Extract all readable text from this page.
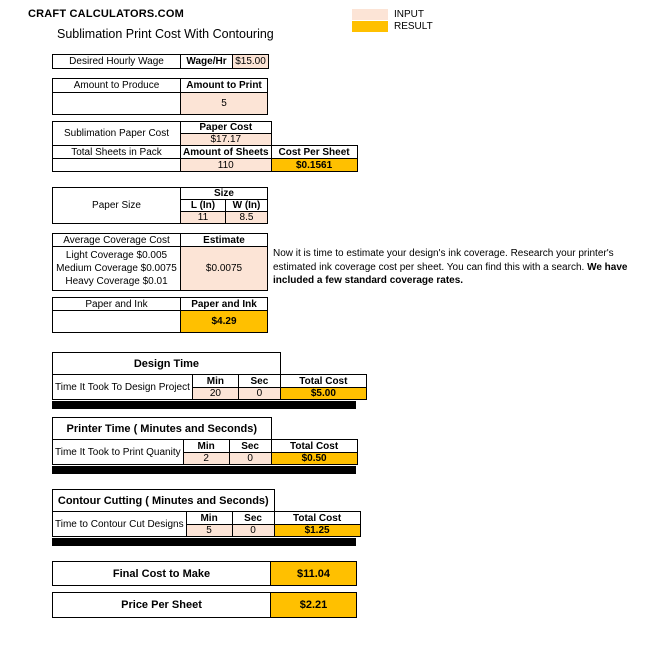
CRAFT CALCULATORS.COM	INPUT
RESULT
Sublimation Print Cost With Contouring
Desired Hourly Wage	Wage/Hr	$15.00
Amount to Produce	Amount to Print
	5
Sublimation Paper Cost	Paper Cost	
	$17.17	
Total Sheets in Pack	Amount of Sheets	Cost Per Sheet
	110	$0.1561
Paper Size	Size	
	L (In)	W (In)
	11	8.5
Average Coverage Cost	Estimate

Light Coverage $0.005
Medium Coverage $0.0075
Heavy Coverage $0.01	$0.0075
Now it is time to estimate your design's ink coverage. Research your printer's estimated ink coverage cost per sheet. You can find this with a search. We have included a few standard coverage rates.
Paper and Ink	Paper and Ink
	$4.29
Design Time			
Time It Took To Design Project	Min	Sec	Total Cost
	20	0	$5.00
Printer Time ( Minutes and Seconds)			
Time It Took to Print Quanity	Min	Sec	Total Cost
	2	0	$0.50
Contour Cutting ( Minutes and Seconds)			
Time to Contour Cut Designs	Min	Sec	Total Cost
	5	0	$1.25
Final Cost to Make	$11.04
Price Per Sheet	$2.21
